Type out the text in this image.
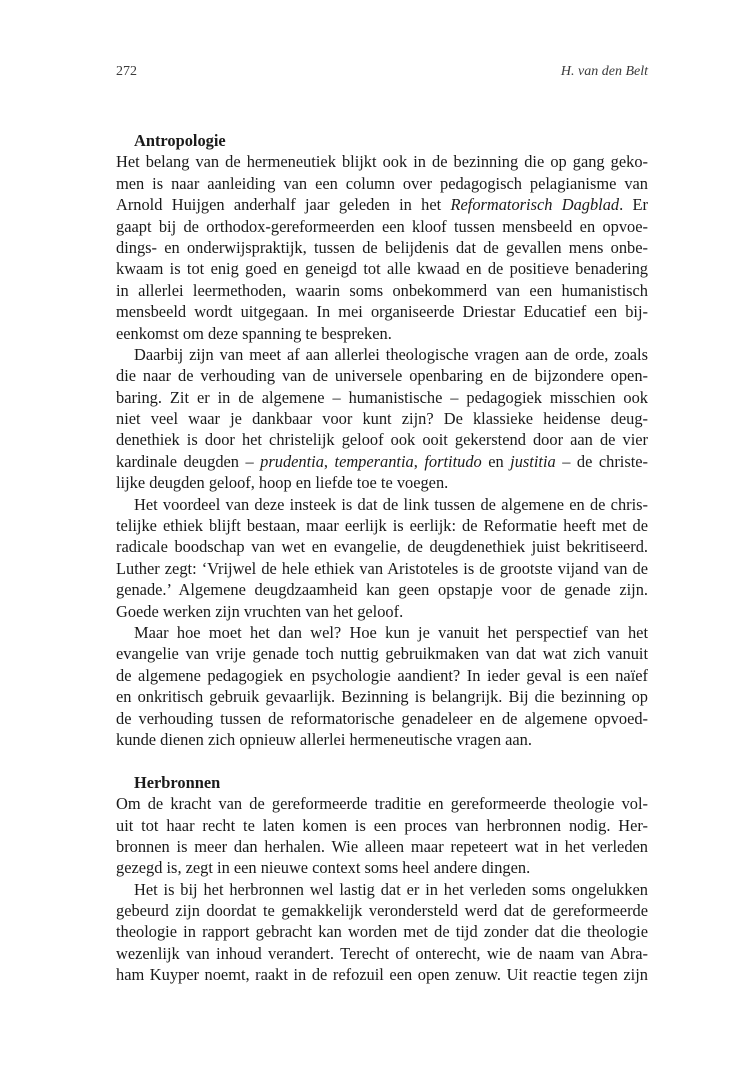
272	H. van den Belt
Antropologie
Het belang van de hermeneutiek blijkt ook in de bezinning die op gang geko-
men is naar aanleiding van een column over pedagogisch pelagianisme van
Arnold Huijgen anderhalf jaar geleden in het Reformatorisch Dagblad. Er
gaapt bij de orthodox-gereformeerden een kloof tussen mensbeeld en opvoe-
dings- en onderwijspraktijk, tussen de belijdenis dat de gevallen mens onbe-
kwaam is tot enig goed en geneigd tot alle kwaad en de positieve benadering
in allerlei leermethoden, waarin soms onbekommerd van een humanistisch
mensbeeld wordt uitgegaan. In mei organiseerde Driestar Educatief een bij-
eenkomst om deze spanning te bespreken.
Daarbij zijn van meet af aan allerlei theologische vragen aan de orde, zoals
die naar de verhouding van de universele openbaring en de bijzondere open-
baring. Zit er in de algemene – humanistische – pedagogiek misschien ook
niet veel waar je dankbaar voor kunt zijn? De klassieke heidense deug-
denethiek is door het christelijk geloof ook ooit gekerstend door aan de vier
kardinale deugden – prudentia, temperantia, fortitudo en justitia – de christe-
lijke deugden geloof, hoop en liefde toe te voegen.
Het voordeel van deze insteek is dat de link tussen de algemene en de chris-
telijke ethiek blijft bestaan, maar eerlijk is eerlijk: de Reformatie heeft met de
radicale boodschap van wet en evangelie, de deugdenethiek juist bekritiseerd.
Luther zegt: ‘Vrijwel de hele ethiek van Aristoteles is de grootste vijand van de
genade.’ Algemene deugdzaamheid kan geen opstapje voor de genade zijn.
Goede werken zijn vruchten van het geloof.
Maar hoe moet het dan wel? Hoe kun je vanuit het perspectief van het
evangelie van vrije genade toch nuttig gebruikmaken van dat wat zich vanuit
de algemene pedagogiek en psychologie aandient? In ieder geval is een naïef
en onkritisch gebruik gevaarlijk. Bezinning is belangrijk. Bij die bezinning op
de verhouding tussen de reformatorische genadeleer en de algemene opvoed-
kunde dienen zich opnieuw allerlei hermeneutische vragen aan.
Herbronnen
Om de kracht van de gereformeerde traditie en gereformeerde theologie vol-
uit tot haar recht te laten komen is een proces van herbronnen nodig. Her-
bronnen is meer dan herhalen. Wie alleen maar repeteert wat in het verleden
gezegd is, zegt in een nieuwe context soms heel andere dingen.
Het is bij het herbronnen wel lastig dat er in het verleden soms ongelukken
gebeurd zijn doordat te gemakkelijk verondersteld werd dat de gereformeerde
theologie in rapport gebracht kan worden met de tijd zonder dat die theologie
wezenlijk van inhoud verandert. Terecht of onterecht, wie de naam van Abra-
ham Kuyper noemt, raakt in de refozuil een open zenuw. Uit reactie tegen zijn
